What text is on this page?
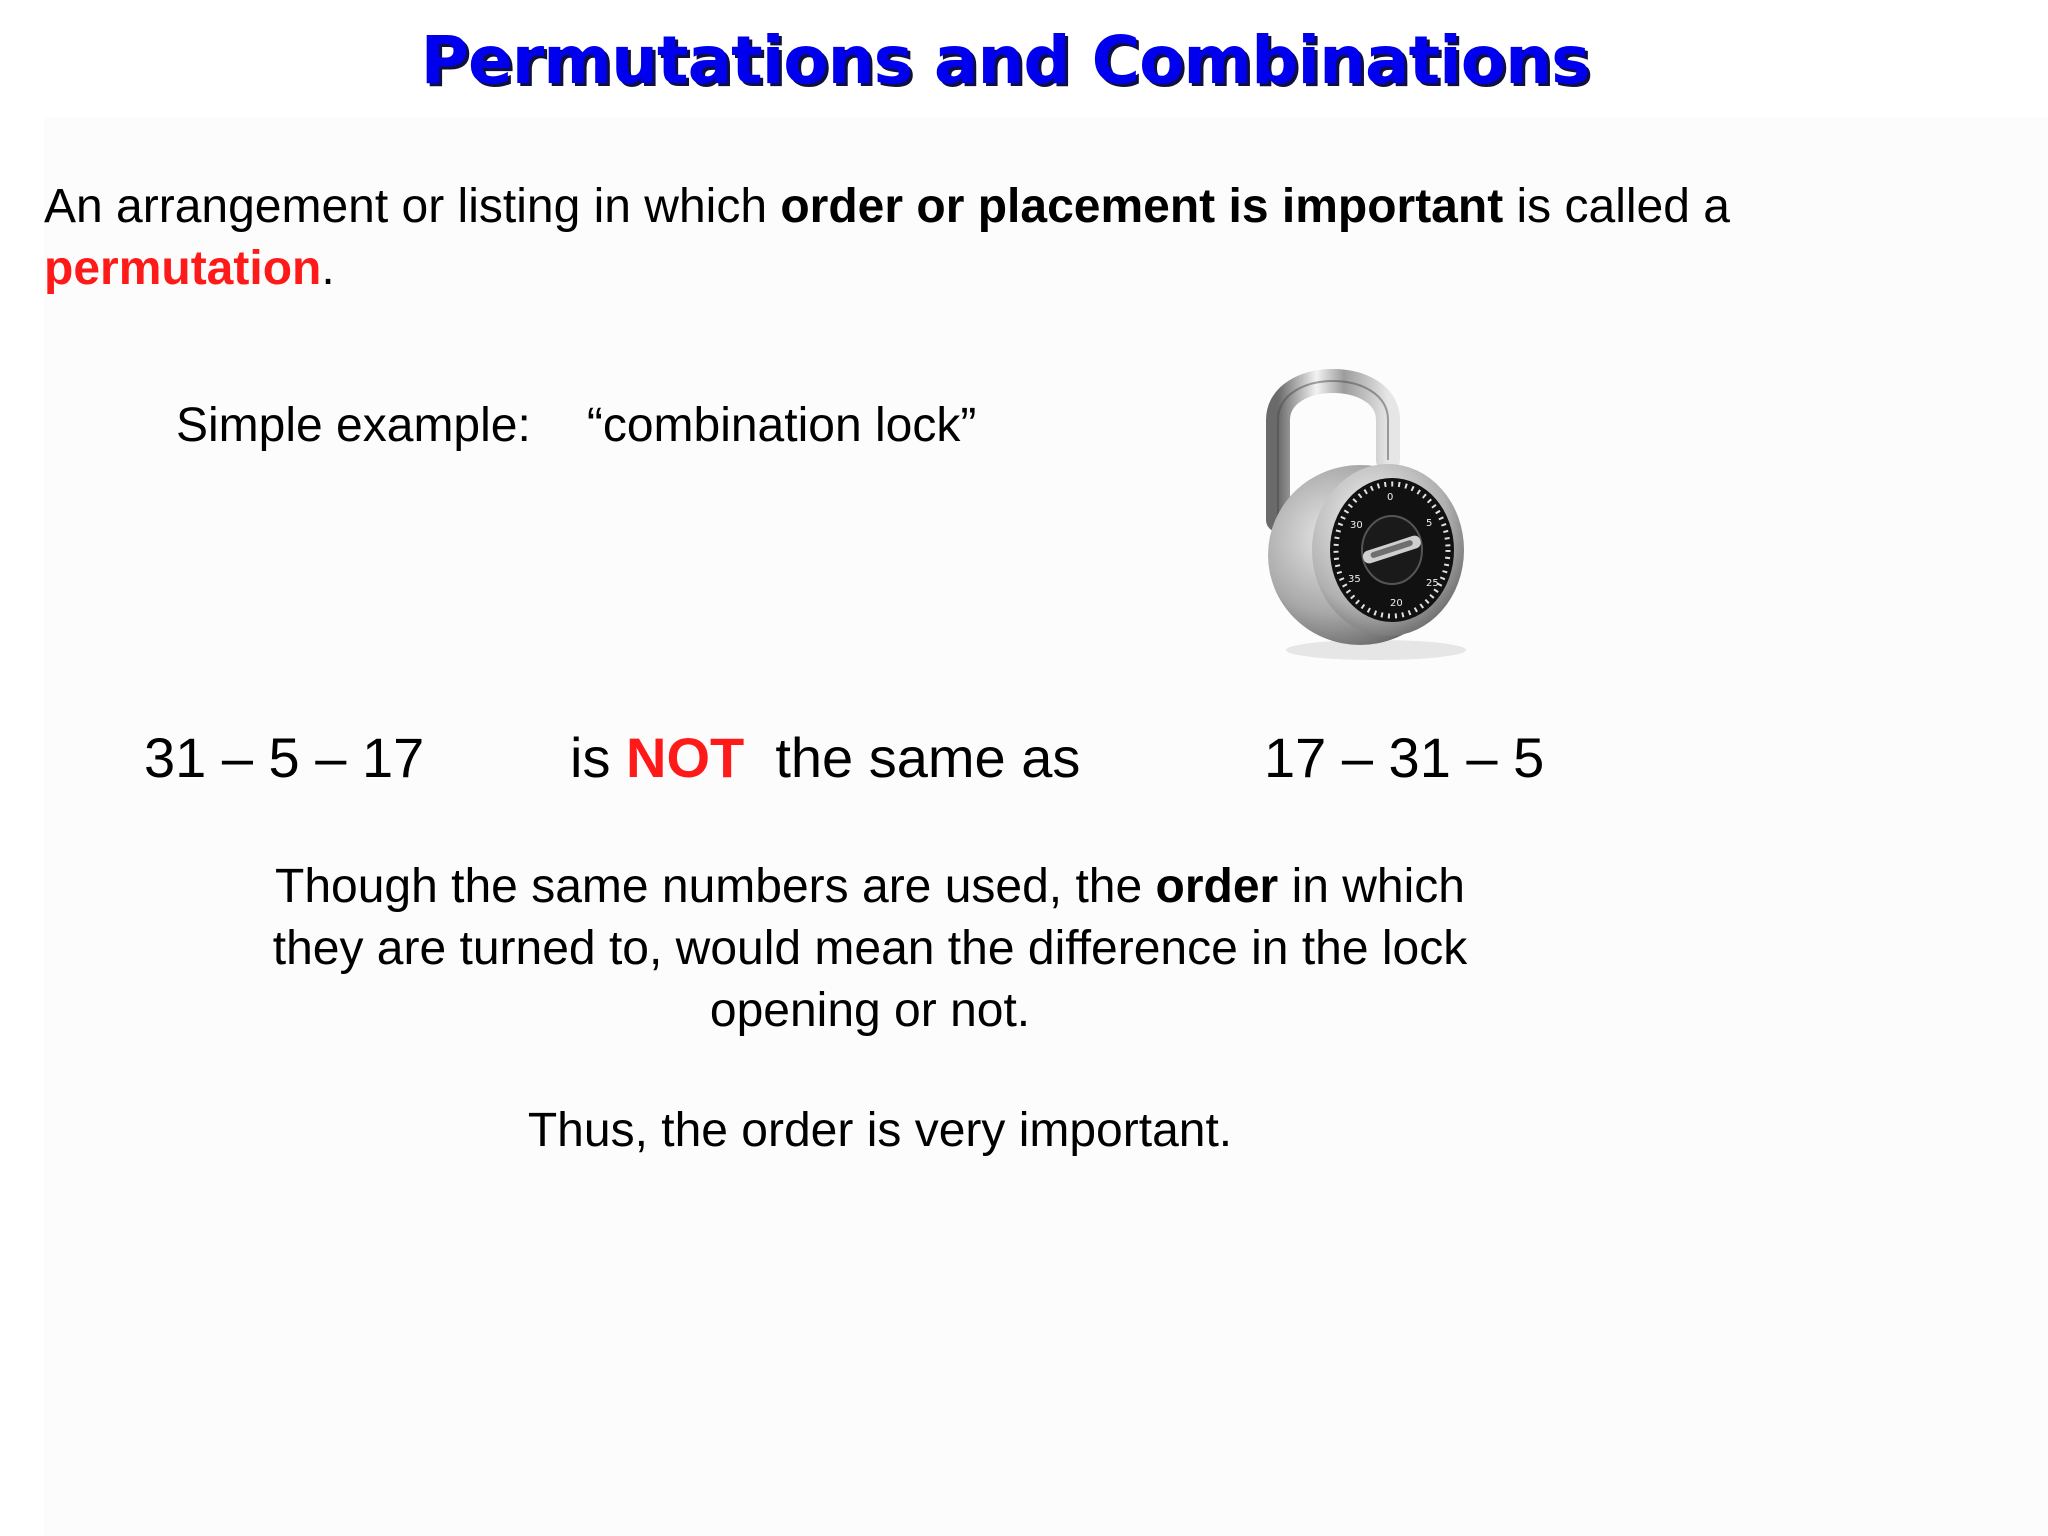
Permutations and Combinations

An arrangement or listing in which order or placement is important is called a
permutation.

Simple example: “combination lock”
0
5
25
20
35
30
31 – 5 – 17	is NOT  the same as	17 – 31 – 5

Though the same numbers are used, the order in which
they are turned to, would mean the difference in the lock
opening or not.

Thus, the order is very important.
